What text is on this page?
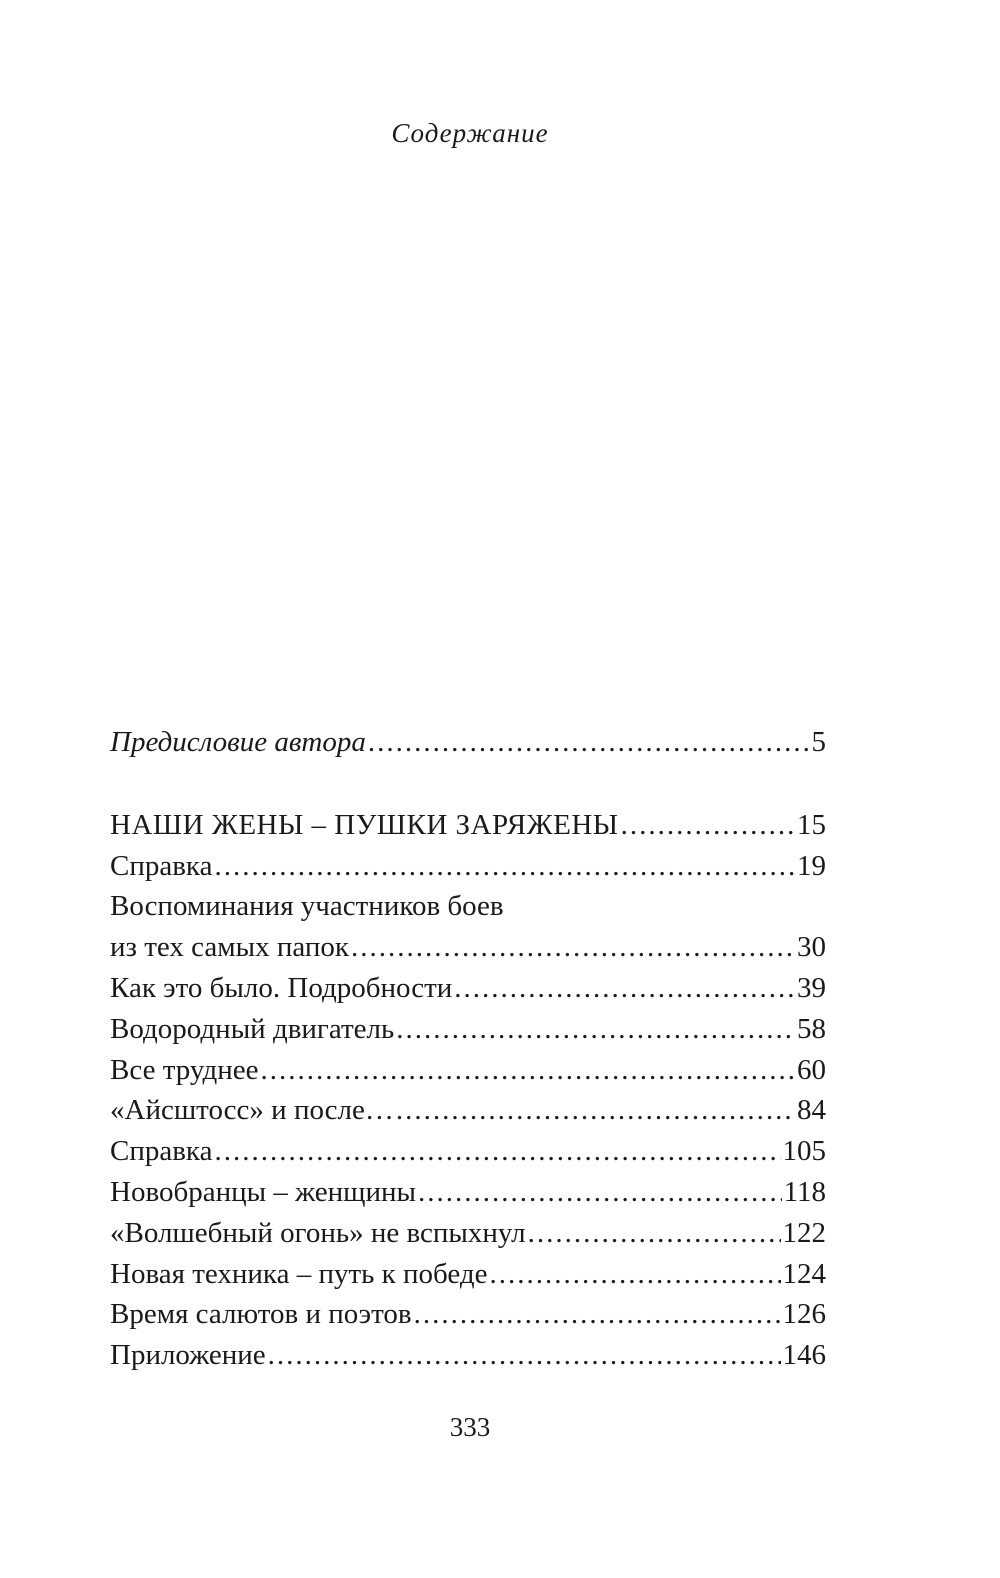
Содержание
Предисловие автора .....	5
НАШИ ЖЕНЫ – ПУШКИ ЗАРЯЖЕНЫ .....	15
Справка .....	19
Воспоминания участников боев
из тех самых папок .....	30
Как это было. Подробности .....	39
Водородный двигатель .....	58
Все труднее .....	60
«Айсштосс» и после… .....	84
Справка .....	105
Новобранцы – женщины .....	118
«Волшебный огонь» не вспыхнул .....	122
Новая техника – путь к победе .....	124
Время салютов и поэтов .....	126
Приложение .....	146
333
